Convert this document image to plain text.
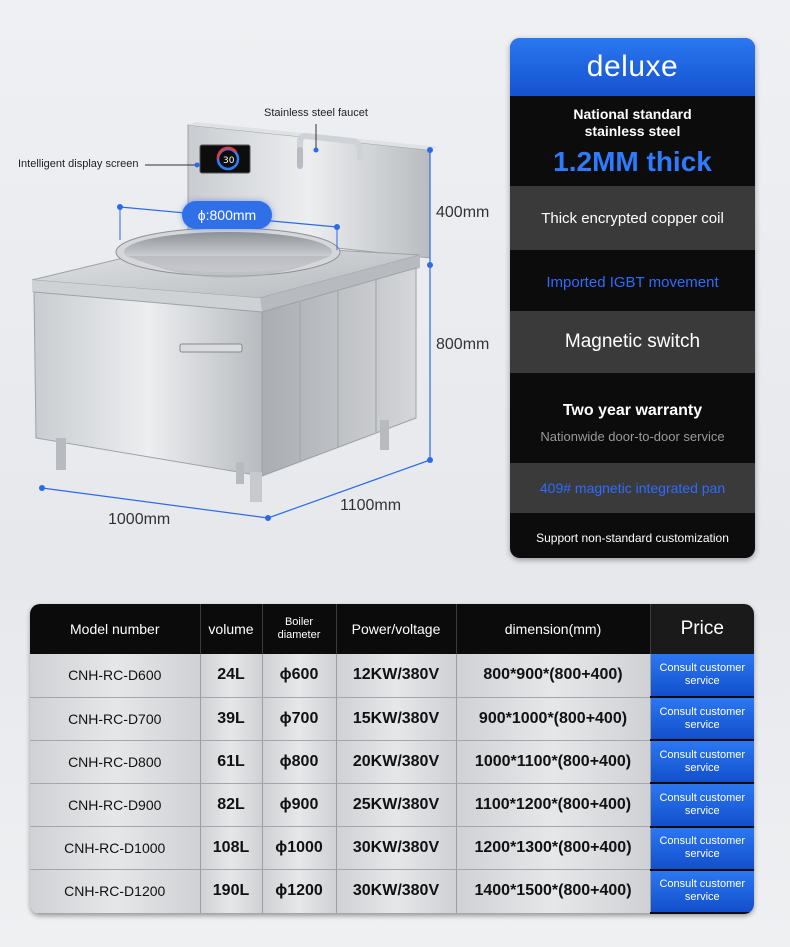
30
Stainless steel faucet
Intelligent display screen
ϕ:800mm	400mm
800mm
1000mm
1100mm
deluxe
National standard stainless steel
1.2MM thick
Thick encrypted copper coil
Imported IGBT movement
Magnetic switch
Two year warranty
Nationwide door-to-door service
409# magnetic integrated pan
Support non-standard customization
Model number	volume	Boiler diameter	Power/voltage	dimension(mm)	Price
CNH-RC-D600	24L	ϕ600	12KW/380V	800*900*(800+400)	Consult customer service

CNH-RC-D700	39L	ϕ700	15KW/380V	900*1000*(800+400)	Consult customer service

CNH-RC-D800	61L	ϕ800	20KW/380V	1000*1100*(800+400)	Consult customer service

CNH-RC-D900	82L	ϕ900	25KW/380V	1100*1200*(800+400)	Consult customer service

CNH-RC-D1000	108L	ϕ1000	30KW/380V	1200*1300*(800+400)	Consult customer service

CNH-RC-D1200	190L	ϕ1200	30KW/380V	1400*1500*(800+400)	Consult customer service
